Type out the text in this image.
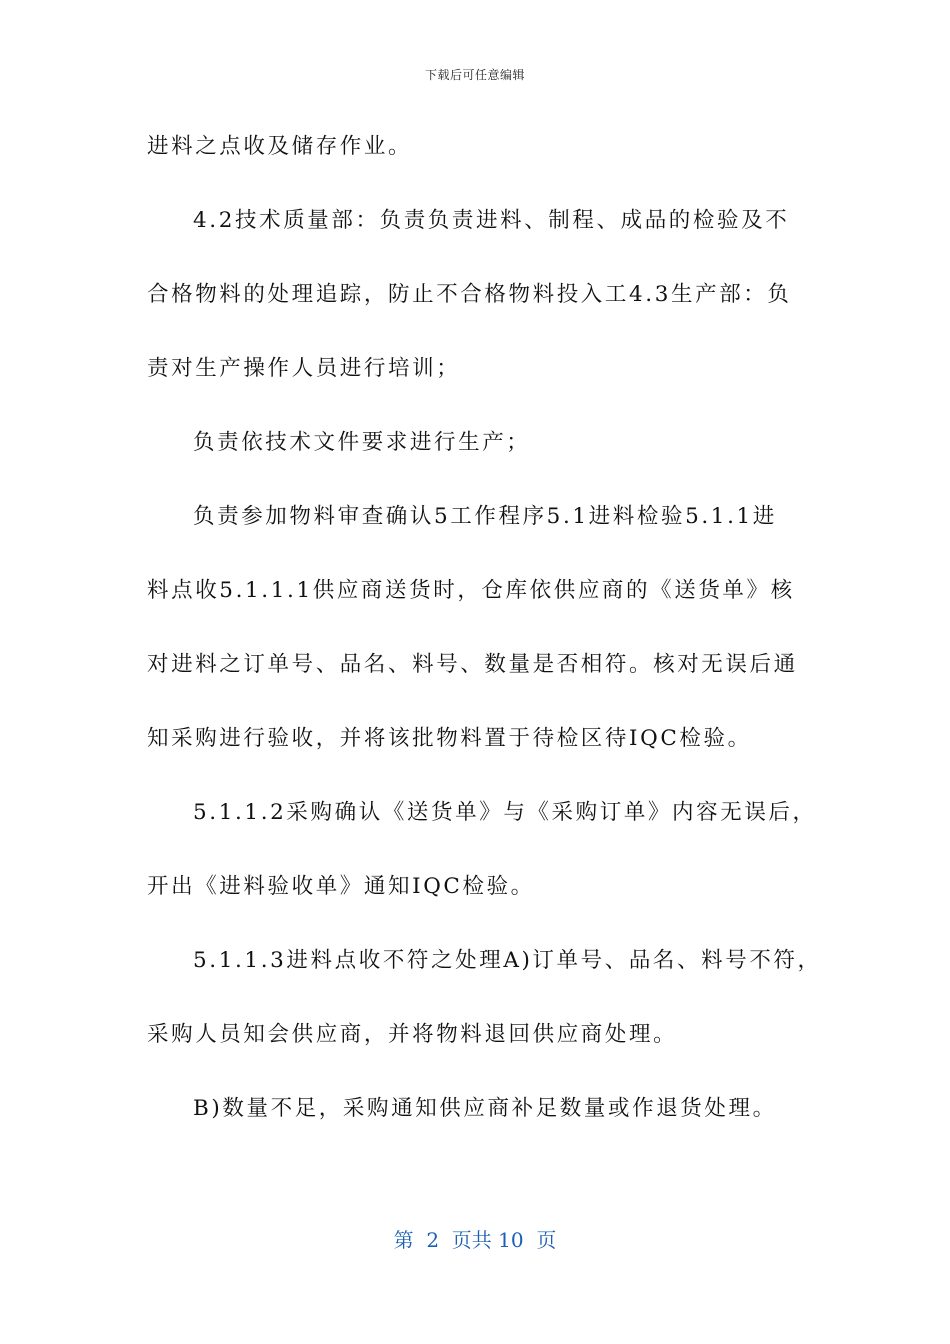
下载后可任意编辑
进料之点收及储存作业。
4.2技术质量部：负责负责进料、制程、成品的检验及不
合格物料的处理追踪，防止不合格物料投入工4.3生产部：负
责对生产操作人员进行培训；
负责依技术文件要求进行生产；
负责参加物料审查确认5工作程序5.1进料检验5.1.1进
料点收5.1.1.1供应商送货时，仓库依供应商的《送货单》核
对进料之订单号、品名、料号、数量是否相符。核对无误后通
知采购进行验收，并将该批物料置于待检区待IQC检验。
5.1.1.2采购确认《送货单》与《采购订单》内容无误后，
开出《进料验收单》通知IQC检验。
5.1.1.3进料点收不符之处理A)订单号、品名、料号不符，
采购人员知会供应商，并将物料退回供应商处理。
B)数量不足，采购通知供应商补足数量或作退货处理。
第  2  页共 10  页
